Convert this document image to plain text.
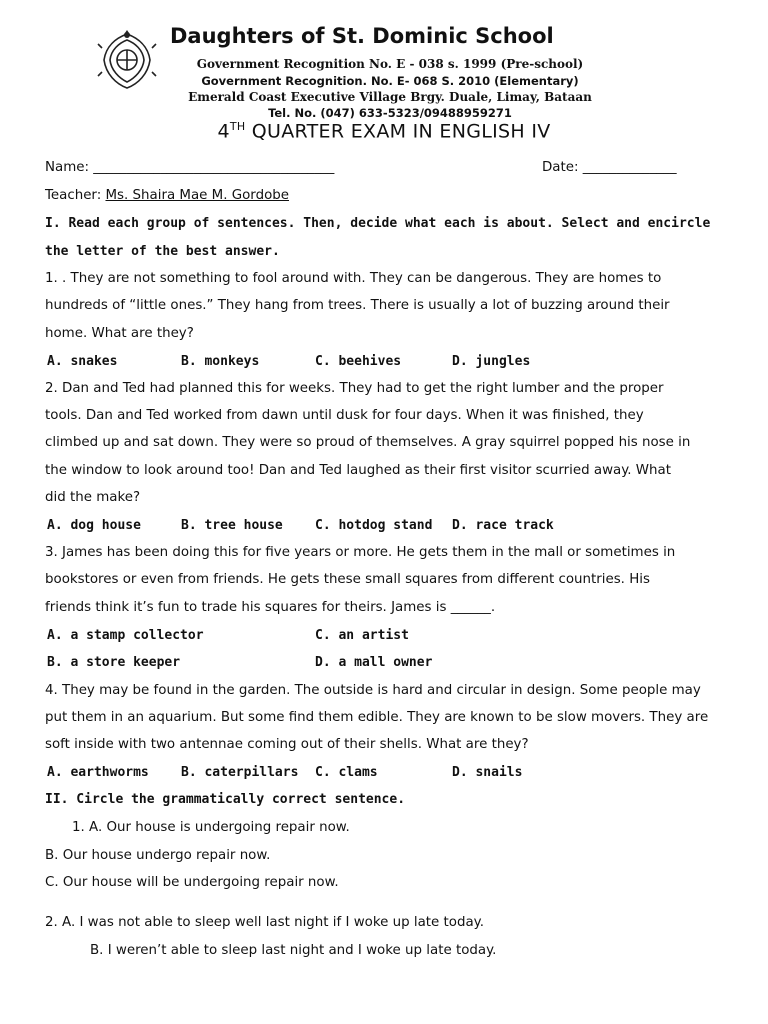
Daughters of St. Dominic School
Government Recognition No. E - 038 s. 1999 (Pre-school)
Government Recognition. No. E- 068 S. 2010 (Elementary)
Emerald Coast Executive Village Brgy. Duale, Limay, Bataan
Tel. No. (047) 633-5323/09488959271
4TH QUARTER EXAM IN ENGLISH IV
Name: ____________________________________	Date: ______________
Teacher: Ms. Shaira Mae M. Gordobe
I. Read each group of sentences. Then, decide what each is about. Select and encircle
the letter of the best answer.
1. . They are not something to fool around with. They can be dangerous. They are homes to
hundreds of “little ones.” They hang from trees. There is usually a lot of buzzing around their
home. What are they?
A. snakes	B. monkeys	C. beehives	D. jungles
2. Dan and Ted had planned this for weeks. They had to get the right lumber and the proper
tools. Dan and Ted worked from dawn until dusk for four days. When it was finished, they
climbed up and sat down. They were so proud of themselves. A gray squirrel popped his nose in
the window to look around too! Dan and Ted laughed as their first visitor scurried away. What
did the make?
A. dog house	B. tree house C. hotdog stand D. race track
3. James has been doing this for five years or more. He gets them in the mall or sometimes in
bookstores or even from friends. He gets these small squares from different countries. His
friends think it’s fun to trade his squares for theirs. James is ______.
A. a stamp collector	C. an artist
B. a store keeper	D. a mall owner
4. They may be found in the garden. The outside is hard and circular in design. Some people may
put them in an aquarium. But some find them edible. They are known to be slow movers. They are
soft inside with two antennae coming out of their shells. What are they?
A. earthworms B. caterpillars C. clams	D. snails
II. Circle the grammatically correct sentence.
1. A. Our house is undergoing repair now.
B. Our house undergo repair now.
C. Our house will be undergoing repair now.
2. A. I was not able to sleep well last night if I woke up late today.
B. I weren’t able to sleep last night and I woke up late today.
